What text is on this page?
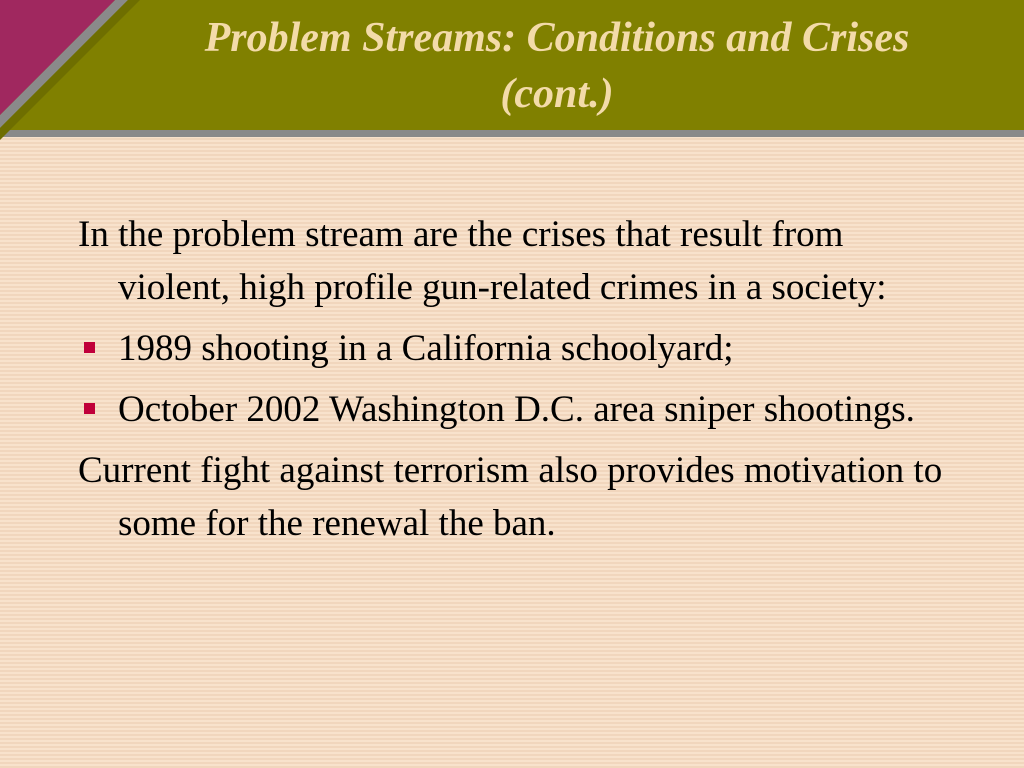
Problem Streams: Conditions and Crises
(cont.)

In the problem stream are the crises that result from violent, high profile gun-related crimes in a society:

1989 shooting in a California schoolyard;
October 2002 Washington D.C. area sniper shootings.

Current fight against terrorism also provides motivation to some for the renewal the ban.
